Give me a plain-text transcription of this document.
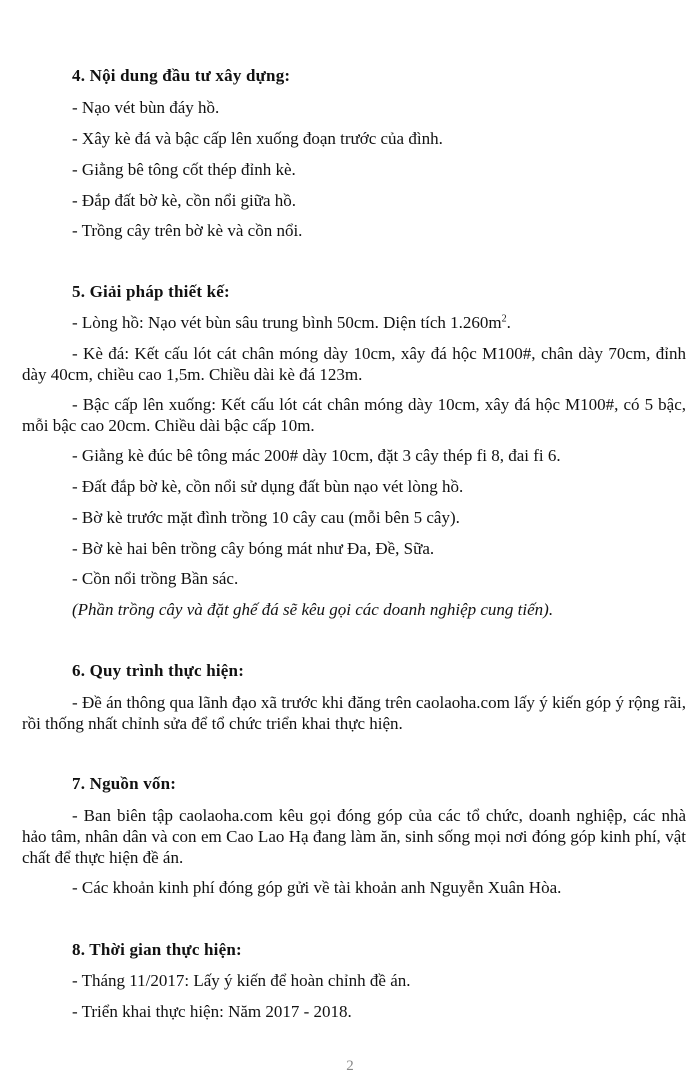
4. Nội dung đầu tư xây dựng:
- Nạo vét bùn đáy hồ.
- Xây kè đá và bậc cấp lên xuống đoạn trước của đình.
- Giằng bê tông cốt thép đỉnh kè.
- Đắp đất bờ kè, cồn nổi giữa hồ.
- Trồng cây trên bờ kè và cồn nổi.
5. Giải pháp thiết kế:
- Lòng hồ: Nạo vét bùn sâu trung bình 50cm. Diện tích $1.260m^2$.
- Kè đá: Kết cấu lót cát chân móng dày 10cm, xây đá hộc M100#, chân dày 70cm, đỉnh dày 40cm, chiều cao 1,5m. Chiều dài kè đá 123m.
- Bậc cấp lên xuống: Kết cấu lót cát chân móng dày 10cm, xây đá hộc M100#, có 5 bậc, mỗi bậc cao 20cm. Chiều dài bậc cấp 10m.
- Giằng kè đúc bê tông mác 200# dày 10cm, đặt 3 cây thép fi 8, đai fi 6.
- Đất đắp bờ kè, cồn nổi sử dụng đất bùn nạo vét lòng hồ.
- Bờ kè trước mặt đình trồng 10 cây cau (mỗi bên 5 cây).
- Bờ kè hai bên trồng cây bóng mát như Đa, Đề, Sữa.
- Cồn nổi trồng Bần sác.
(Phần trồng cây và đặt ghế đá sẽ kêu gọi các doanh nghiệp cung tiến).
6. Quy trình thực hiện:
- Đề án thông qua lãnh đạo xã trước khi đăng trên caolaoha.com lấy ý kiến góp ý rộng rãi, rồi thống nhất chỉnh sửa để tổ chức triển khai thực hiện.
7. Nguồn vốn:
- Ban biên tập caolaoha.com kêu gọi đóng góp của các tổ chức, doanh nghiệp, các nhà hảo tâm, nhân dân và con em Cao Lao Hạ đang làm ăn, sinh sống mọi nơi đóng góp kinh phí, vật chất để thực hiện đề án.
- Các khoản kinh phí đóng góp gửi về tài khoản anh Nguyễn Xuân Hòa.
8. Thời gian thực hiện:
- Tháng 11/2017: Lấy ý kiến để hoàn chỉnh đề án.
- Triển khai thực hiện: Năm 2017 - 2018.
2
